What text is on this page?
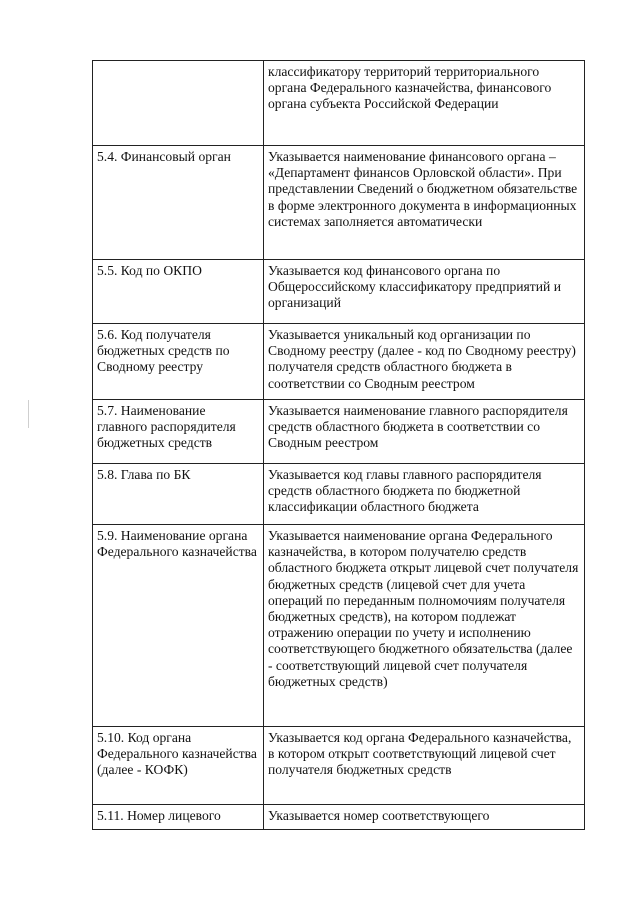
	классификатору территорий территориального органа Федерального казначейства, финансового органа субъекта Российской Федерации
5.4. Финансовый орган	Указывается наименование финансового органа – «Департамент финансов Орловской области». При представлении Сведений о бюджетном обязательстве в форме электронного документа в информационных системах заполняется автоматически
5.5. Код по ОКПО	Указывается код финансового органа по Общероссийскому классификатору предприятий и организаций
5.6. Код получателя бюджетных средств по Сводному реестру	Указывается уникальный код организации по Сводному реестру (далее - код по Сводному реестру) получателя средств областного бюджета в соответствии со Сводным реестром
5.7. Наименование главного распорядителя бюджетных средств	Указывается наименование главного распорядителя средств областного бюджета в соответствии со Сводным реестром
5.8. Глава по БК	Указывается код главы главного распорядителя средств областного бюджета по бюджетной классификации областного бюджета
5.9. Наименование органа Федерального казначейства	Указывается наименование органа Федерального казначейства, в котором получателю средств областного бюджета открыт лицевой счет получателя бюджетных средств (лицевой счет для учета операций по переданным полномочиям получателя бюджетных средств), на котором подлежат отражению операции по учету и исполнению соответствующего бюджетного обязательства (далее - соответствующий лицевой счет получателя бюджетных средств)
5.10. Код органа Федерального казначейства (далее - КОФК)	Указывается код органа Федерального казначейства, в котором открыт соответствующий лицевой счет получателя бюджетных средств
5.11. Номер лицевого	Указывается номер соответствующего
